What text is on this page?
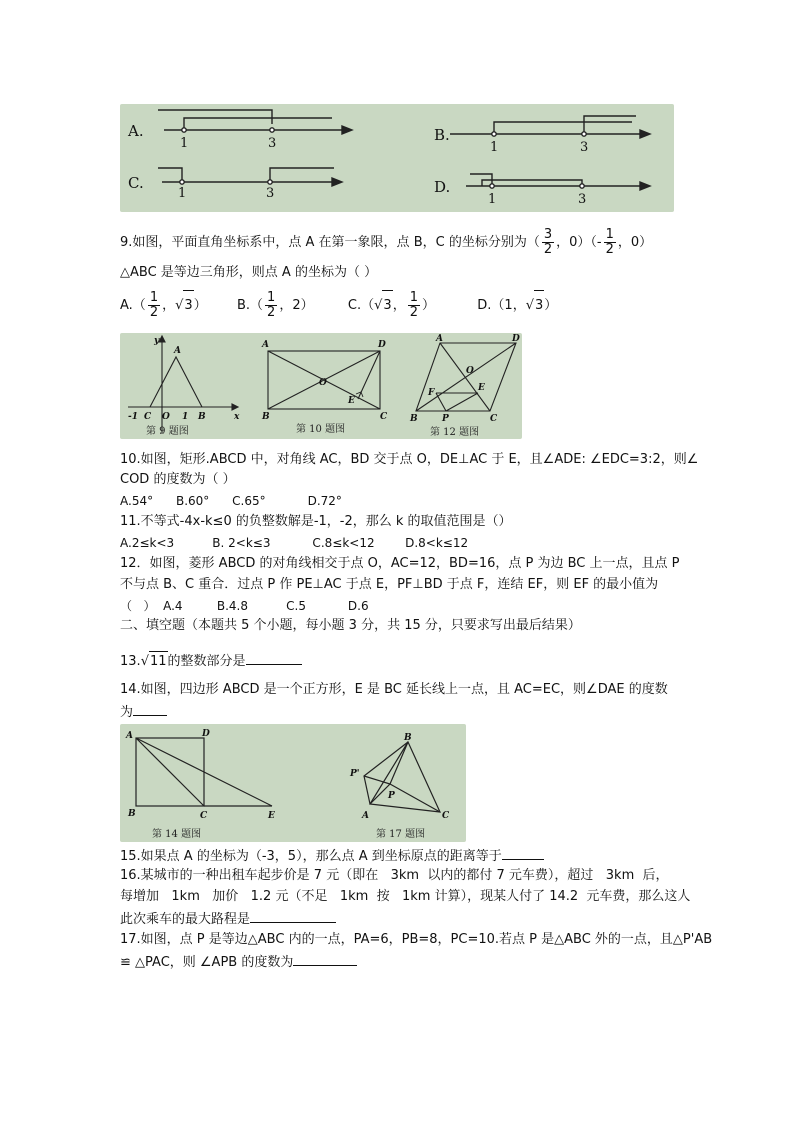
A.	B.
C.	D.
1	3	1	3
1	3	1	3
9.如图，平面直角坐标系中，点 A 在第一象限，点 B，C 的坐标分别为（ $\frac{3}{2}$ ，$0)(- \frac{1}{2}$ ，0）
△ABC 是等边三角形，则点 A 的坐标为（ ）
$A.( \frac{1}{2}$ ，√3） $B.( \frac{1}{2}$ ，2）	C.（√3， $\frac{1}{2}$ ）	D.（1，√3）
y
A
x
-1 C O 1 B
第 9 题图
A	D
O
E
B	C
第 10 题图
A	D
O
E
F
B	P	C
第 12 题图
10.如图，矩形.ABCD 中，对角线 AC，BD 交于点 O，DE⊥AC 于 E，且∠ADE: ∠EDC=3:2，则∠
COD 的度数为（ ）
A.54°      B.60°      C.65°           D.72°
11.不等式-4x-k≤0 的负整数解是-1，-2，那么 k 的取值范围是（）
A.2≤k<3          B. 2<k≤3           C.8≤k<12        D.8<k≤12
12．如图，菱形 ABCD 的对角线相交于点 O，AC=12，BD=16，点 P 为边 BC 上一点，且点 P
不与点 B、C 重合．过点 P 作 PE⊥AC 于点 E，PF⊥BD 于点 F，连结 EF，则 EF 的最小值为
（   ）  A.4         B.4.8          C.5           D.6
二、填空题（本题共 5 个小题，每小题 3 分，共 15 分，只要求写出最后结果）
13.√11的整数部分是
14.如图，四边形 ABCD 是一个正方形，E 是 BC 延长线上一点，且 AC=EC，则∠DAE 的度数
为
A	D
B	C	E
第 14 题图
B
P'
P
A	C
第 17 题图
15.如果点 A 的坐标为（-3，5），那么点 A 到坐标原点的距离等于
16.某城市的一种出租车起步价是 7 元（即在   3km  以内的都付 7 元车费），超过   3km  后，
每增加   1km   加价   1.2 元（不足   1km  按   1km 计算），现某人付了 14.2  元车费，那么这人
此次乘车的最大路程是
17.如图，点 P 是等边△ABC 内的一点，PA=6，PB=8，PC=10.若点 P 是△ABC 外的一点，且△P'AB
≌ △PAC，则 ∠APB 的度数为
